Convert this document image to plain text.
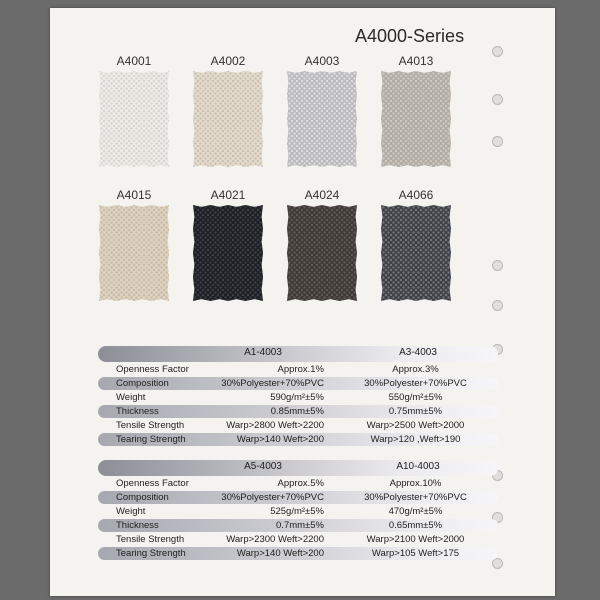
A4000-Series
A4001	A4002	A4003	A4013
A4015	A4021	A4024	A4066
A1-4003	A3-4003
Openness Factor	Approx.1%	Approx.3%
Composition	30%Polyester+70%PVC	30%Polyester+70%PVC
Weight	590g/m²±5%	550g/m²±5%
Thickness	0.85mm±5%	0.75mm±5%
Tensile Strength	Warp>2800 Weft>2200	Warp>2500 Weft>2000
Tearing Strength	Warp>140 Weft>200	Warp>120 ,Weft>190
A5-4003	A10-4003
Openness Factor	Approx.5%	Approx.10%
Composition	30%Polyester+70%PVC	30%Polyester+70%PVC
Weight	525g/m²±5%	470g/m²±5%
Thickness	0.7mm±5%	0.65mm±5%
Tensile Strength	Warp>2300 Weft>2200	Warp>2100 Weft>2000
Tearing Strength	Warp>140 Weft>200	Warp>105 Weft>175
